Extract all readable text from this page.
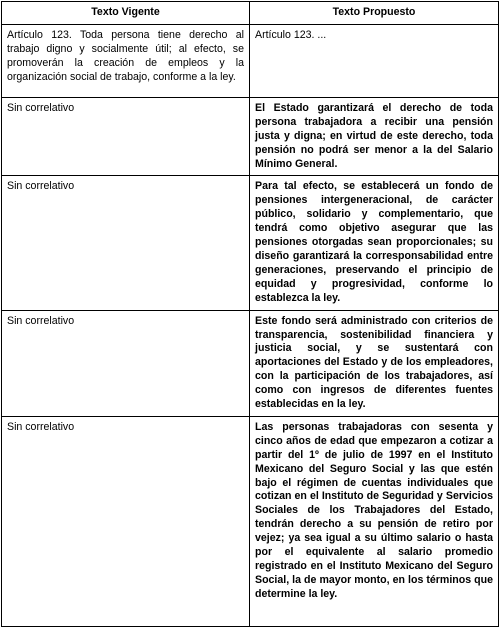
Texto Vigente	Texto Propuesto
Artículo 123. Toda persona tiene derecho al trabajo digno y socialmente útil; al efecto, se promoverán la creación de empleos y la organización social de trabajo, conforme a la ley.	Artículo 123. ...
Sin correlativo	El Estado garantizará el derecho de toda persona trabajadora a recibir una pensión justa y digna; en virtud de este derecho, toda pensión no podrá ser menor a la del Salario Mínimo General.
Sin correlativo	Para tal efecto, se establecerá un fondo de pensiones intergeneracional, de carácter público, solidario y complementario, que tendrá como objetivo asegurar que las pensiones otorgadas sean proporcionales; su diseño garantizará la corresponsabilidad entre generaciones, preservando el principio de equidad y progresividad, conforme lo establezca la ley.
Sin correlativo	Este fondo será administrado con criterios de transparencia, sostenibilidad financiera y justicia social, y se sustentará con aportaciones del Estado y de los empleadores, con la participación de los trabajadores, así como con ingresos de diferentes fuentes establecidas en la ley.
Sin correlativo	Las personas trabajadoras con sesenta y cinco años de edad que empezaron a cotizar a partir del 1º de julio de 1997 en el Instituto Mexicano del Seguro Social y las que estén bajo el régimen de cuentas individuales que cotizan en el Instituto de Seguridad y Servicios Sociales de los Trabajadores del Estado, tendrán derecho a su pensión de retiro por vejez; ya sea igual a su último salario o hasta por el equivalente al salario promedio registrado en el Instituto Mexicano del Seguro Social, la de mayor monto, en los términos que determine la ley.
